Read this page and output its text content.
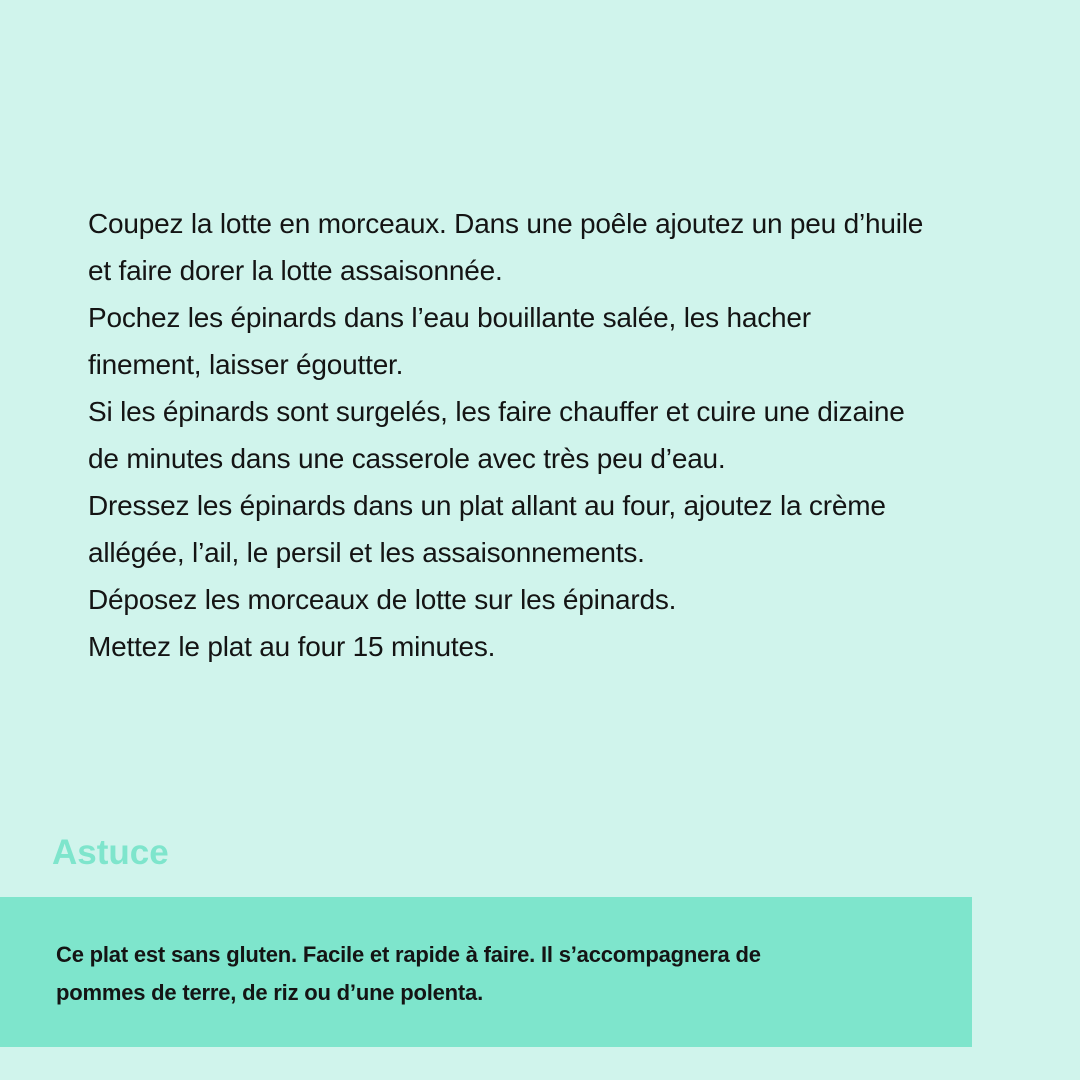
Coupez la lotte en morceaux. Dans une poêle ajoutez un peu d’huile

et faire dorer la lotte assaisonnée.

Pochez les épinards dans l’eau bouillante salée, les hacher

finement, laisser égoutter.

Si les épinards sont surgelés, les faire chauffer et cuire une dizaine

de minutes dans une casserole avec très peu d’eau.

Dressez les épinards dans un plat allant au four, ajoutez la crème

allégée, l’ail, le persil et les assaisonnements.

Déposez les morceaux de lotte sur les épinards.

Mettez le plat au four 15 minutes.

Astuce
Ce plat est sans gluten. Facile et rapide à faire. Il s’accompagnera de
pommes de terre, de riz ou d’une polenta.
